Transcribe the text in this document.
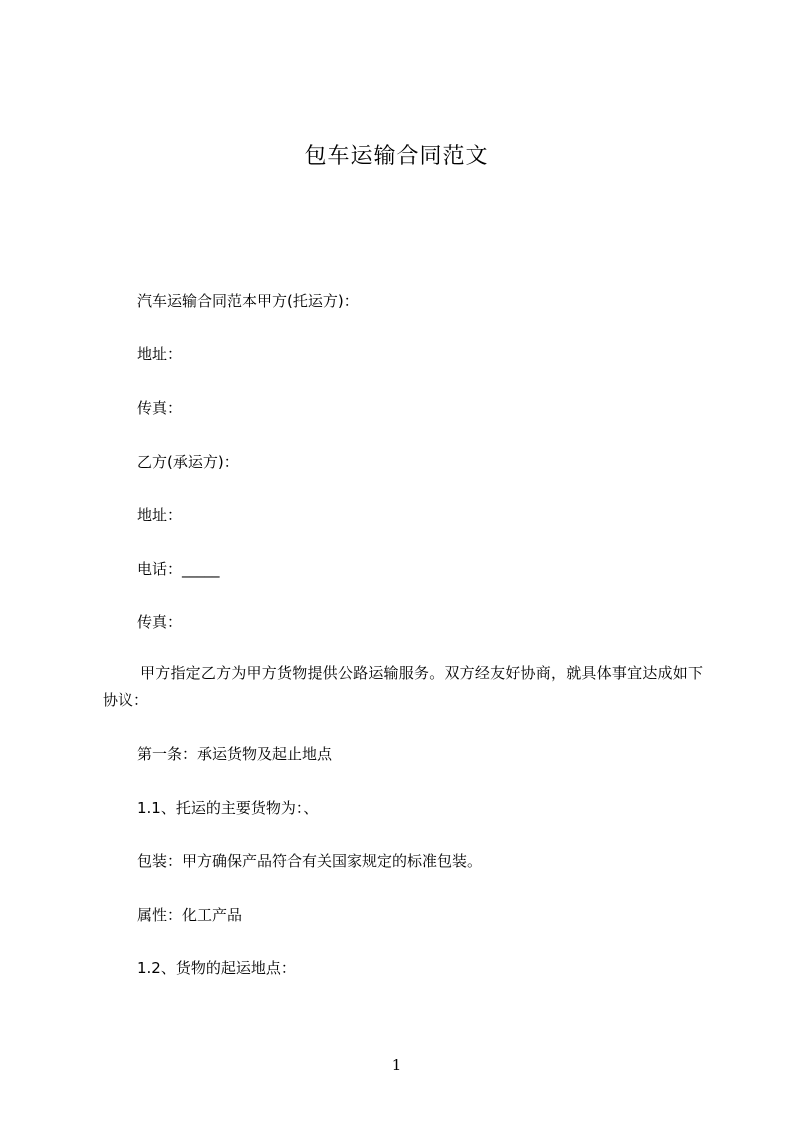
包车运输合同范文
汽车运输合同范本甲方(托运方)：
地址：
传真：
乙方(承运方)：
地址：
电话：_____
传真：
甲方指定乙方为甲方货物提供公路运输服务。双方经友好协商，就具体事宜达成如下协议：
第一条：承运货物及起止地点
1.1、托运的主要货物为：、
包装：甲方确保产品符合有关国家规定的标准包装。
属性：化工产品
1.2、货物的起运地点：
1
